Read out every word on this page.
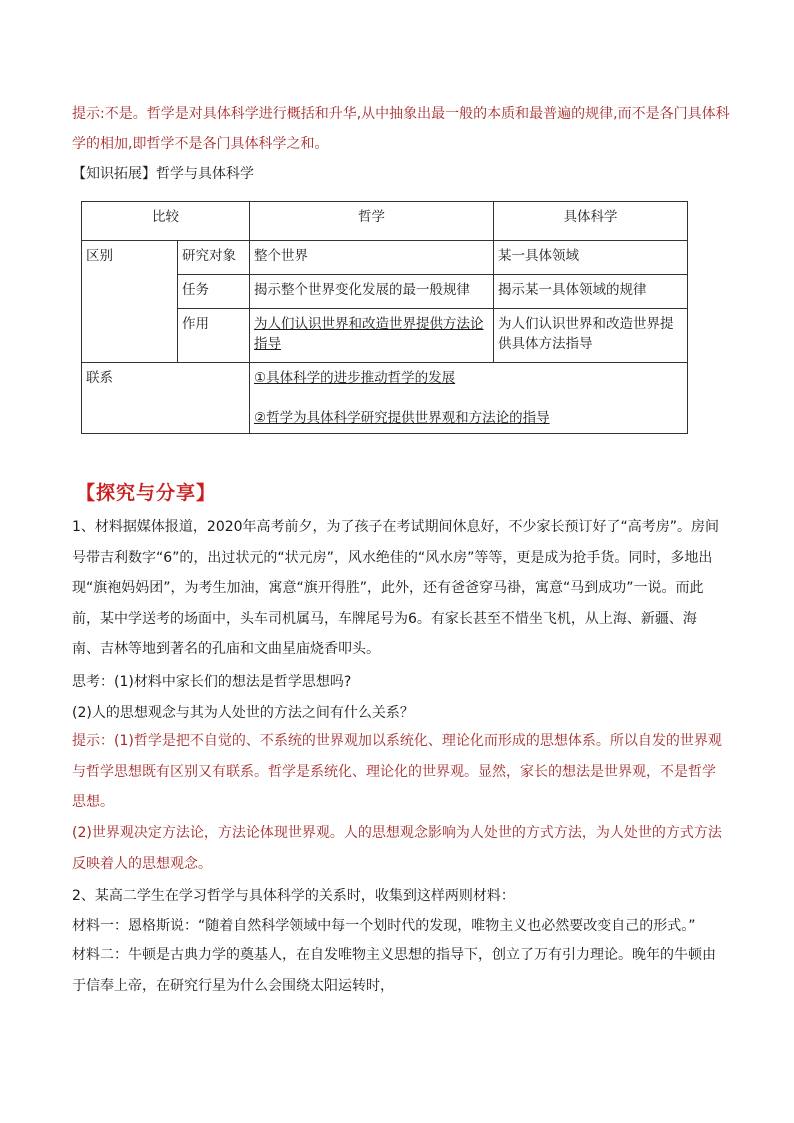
提示:不是。哲学是对具体科学进行概括和升华,从中抽象出最一般的本质和最普遍的规律,而不是各门具体科
学的相加,即哲学不是各门具体科学之和。
【知识拓展】哲学与具体科学
比较		哲学	具体科学
区别	研究对象	整个世界	某一具体领域
	任务	揭示整个世界变化发展的最一般规律	揭示某一具体领域的规律
	作用	为人们认识世界和改造世界提供方法论指导	为人们认识世界和改造世界提供具体方法指导
联系		①具体科学的进步推动哲学的发展
②哲学为具体科学研究提供世界观和方法论的指导	
【探究与分享】
1、材料据媒体报道，2020年高考前夕，为了孩子在考试期间休息好，不少家长预订好了“高考房”。房间号带吉利数字“6”的，出过状元的“状元房”，风水绝佳的“风水房”等等，更是成为抢手货。同时，多地出现“旗袍妈妈团”，为考生加油，寓意“旗开得胜”，此外，还有爸爸穿马褂，寓意“马到成功”一说。而此前，某中学送考的场面中，头车司机属马，车牌尾号为6。有家长甚至不惜坐飞机，从上海、新疆、海南、吉林等地到著名的孔庙和文曲星庙烧香叩头。
思考：(1)材料中家长们的想法是哲学思想吗?
(2)人的思想观念与其为人处世的方法之间有什么关系？
提示：(1)哲学是把不自觉的、不系统的世界观加以系统化、理论化而形成的思想体系。所以自发的世界观与哲学思想既有区别又有联系。哲学是系统化、理论化的世界观。显然，家长的想法是世界观，不是哲学思想。
(2)世界观决定方法论，方法论体现世界观。人的思想观念影响为人处世的方式方法，为人处世的方式方法反映着人的思想观念。
2、某高二学生在学习哲学与具体科学的关系时，收集到这样两则材料：
材料一：恩格斯说：“随着自然科学领域中每一个划时代的发现，唯物主义也必然要改变自己的形式。”
材料二：牛顿是古典力学的奠基人，在自发唯物主义思想的指导下，创立了万有引力理论。晚年的牛顿由于信奉上帝，在研究行星为什么会围绕太阳运转时，
